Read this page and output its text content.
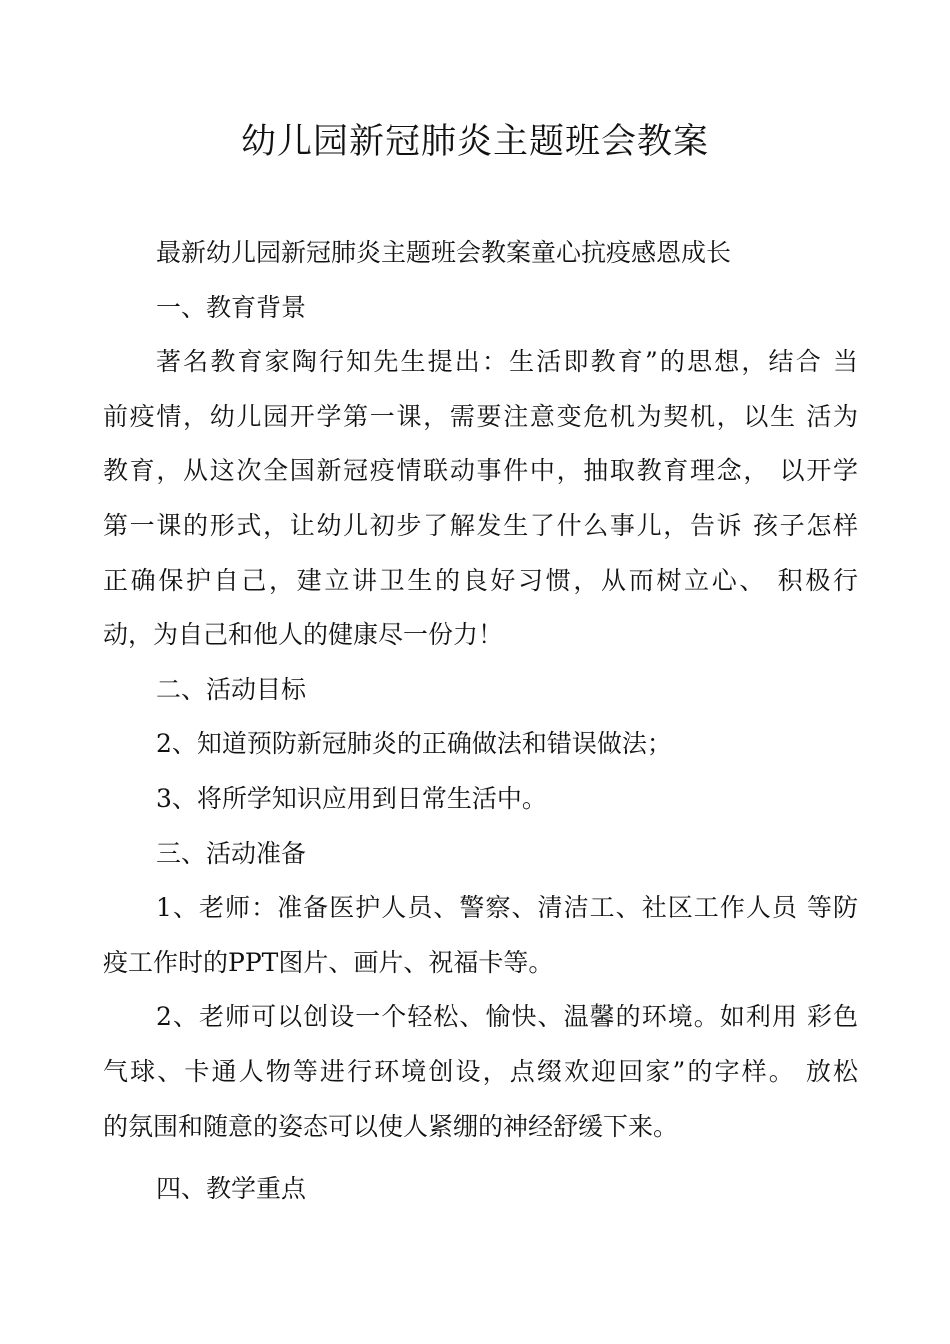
幼儿园新冠肺炎主题班会教案

最新幼儿园新冠肺炎主题班会教案童心抗疫感恩成长

一、教育背景

著名教育家陶行知先生提出：生活即教育”的思想，结合 当

前疫情，幼儿园开学第一课，需要注意变危机为契机，以生 活为

教育，从这次全国新冠疫情联动事件中，抽取教育理念， 以开学

第一课的形式，让幼儿初步了解发生了什么事儿，告诉 孩子怎样

正确保护自己，建立讲卫生的良好习惯，从而树立心、 积极行

动，为自己和他人的健康尽一份力！

二、活动目标

2、知道预防新冠肺炎的正确做法和错误做法；

3、将所学知识应用到日常生活中。

三、活动准备

1、老师：准备医护人员、警察、清洁工、社区工作人员 等防

疫工作时的PPT图片、画片、祝福卡等。

2、老师可以创设一个轻松、愉快、温馨的环境。如利用 彩色

气球、卡通人物等进行环境创设，点缀欢迎回家”的字样。 放松

的氛围和随意的姿态可以使人紧绷的神经舒缓下来。

四、教学重点
